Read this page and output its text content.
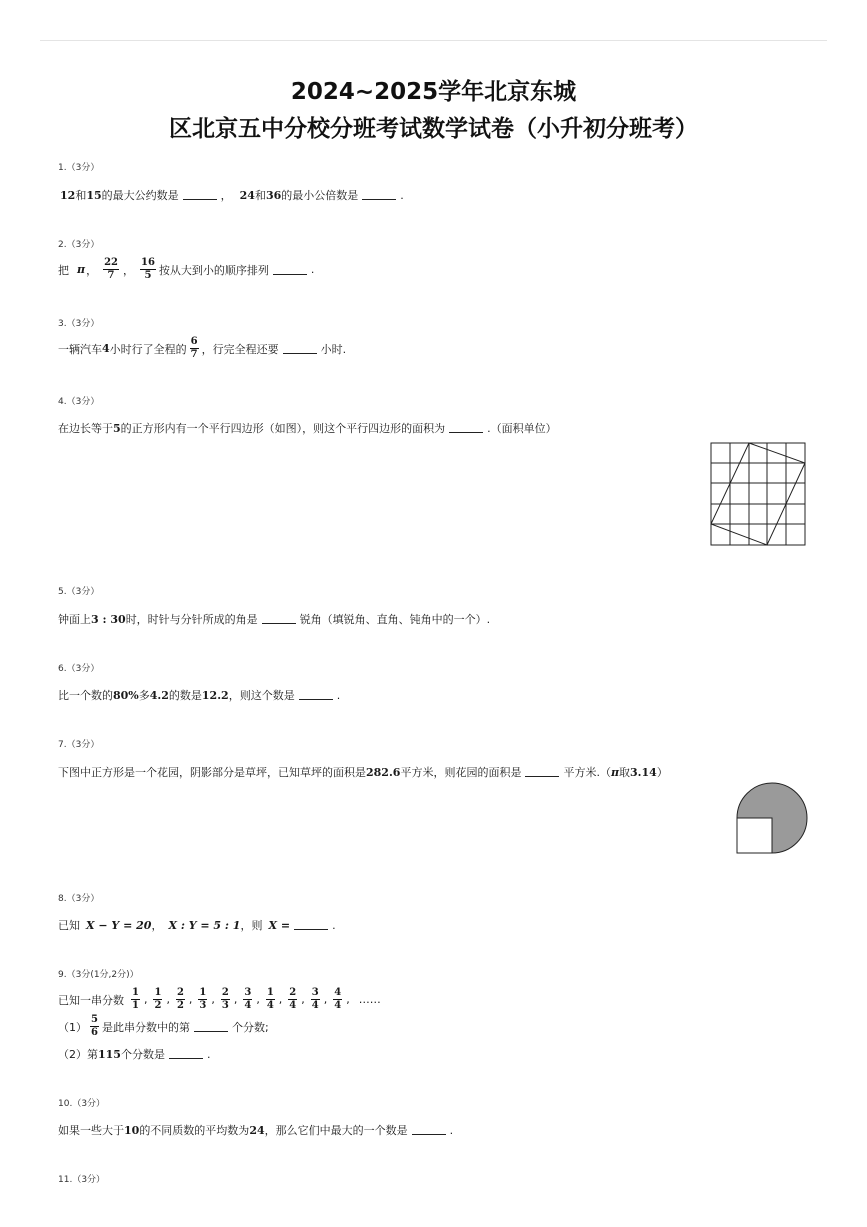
2024~2025学年北京东城
区北京五中分校分班考试数学试卷（小升初分班考）
1.（3分）
12 和 15 的最大公约数是	， 24 和 36 的最小公倍数是	.
2.（3分）
把 π ， $\frac{22}{7}$ ， $\frac{16}{5}$ 按从大到小的顺序排列	.
3.（3分）
一辆汽车 4 小时行了全程的 $\frac{6}{7}$ ，行完全程还要	小时.
4.（3分）
在边长等于 5 的正方形内有一个平行四边形（如图），则这个平行四边形的面积为	.（面积单位）
5.（3分）
钟面上 3 : 30 时，时针与分针所成的角是	锐角（填锐角、直角、钝角中的一个）.
6.（3分）
比一个数的 80% 多 4.2 的数是 12.2 ，则这个数是	.
7.（3分）
下图中正方形是一个花园，阴影部分是草坪，已知草坪的面积是 282.6 平方米，则花园的面积是	平方米.（ π 取 3.14 ）
8.（3分）
已知 X − Y = 20 ， X : Y = 5 : 1 ，则 X =	.
9.（3分(1分,2分)）
已知一串分数 $\frac{1}{1}$ , $\frac{1}{2}$ , $\frac{2}{2}$ , $\frac{1}{3}$ , $\frac{2}{3}$ , $\frac{3}{4}$ , $\frac{1}{4}$ , $\frac{2}{4}$ , $\frac{3}{4}$ , $\frac{4}{4}$ , ……
$(1) \frac{5}{6}$ 是此串分数中的第	个分数;
（2） 第 115 个分数是	.
10.（3分）
如果一些大于 10 的不同质数的平均数为 24 ，那么它们中最大的一个数是	.
11.（3分）
